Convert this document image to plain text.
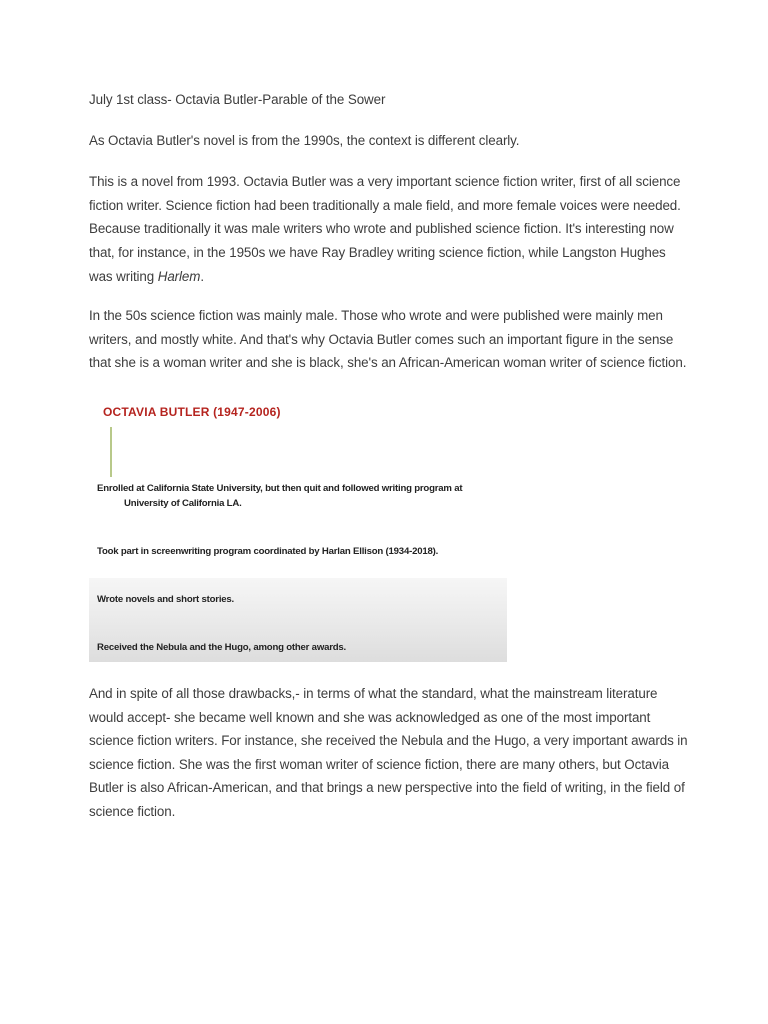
July 1st class- Octavia Butler-Parable of the Sower

As Octavia Butler's novel is from the 1990s, the context is different clearly.

This is a novel from 1993. Octavia Butler was a very important science fiction writer, first of all science fiction writer. Science fiction had been traditionally a male field, and more female voices were needed. Because traditionally it was male writers who wrote and published science fiction. It's interesting now that, for instance, in the 1950s we have Ray Bradley writing science fiction, while Langston Hughes was writing Harlem.

In the 50s science fiction was mainly male. Those who wrote and were published were mainly men writers, and mostly white. And that's why Octavia Butler comes such an important figure in the sense that she is a woman writer and she is black, she's an African-American woman writer of science fiction.

OCTAVIA BUTLER (1947-2006)
Enrolled at California State University, but then quit and followed writing program at
University of California LA.
Took part in screenwriting program coordinated by Harlan Ellison (1934-2018).
Wrote novels and short stories.
Received the Nebula and the Hugo, among other awards.

And in spite of all those drawbacks,- in terms of what the standard, what the mainstream literature would accept- she became well known and she was acknowledged as one of the most important science fiction writers. For instance, she received the Nebula and the Hugo, a very important awards in science fiction. She was the first woman writer of science fiction, there are many others, but Octavia Butler is also African-American, and that brings a new perspective into the field of writing, in the field of science fiction.
